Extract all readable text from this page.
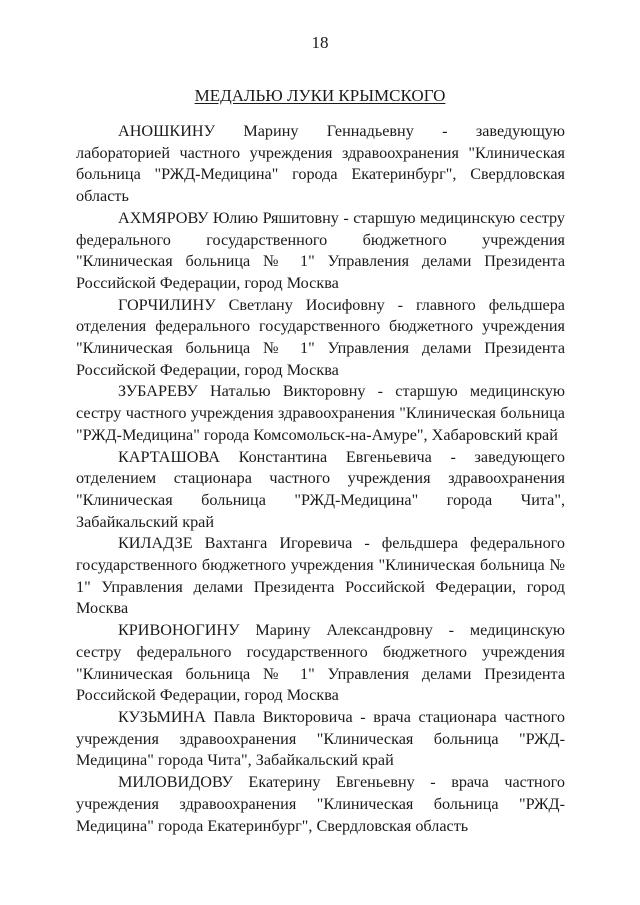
18
МЕДАЛЬЮ ЛУКИ КРЫМСКОГО

АНОШКИНУ Марину Геннадьевну - заведующую лабораторией частного учреждения здравоохранения "Клиническая больница "РЖД-Медицина" города Екатеринбург", Свердловская область

АХМЯРОВУ Юлию Ряшитовну - старшую медицинскую сестру федерального государственного бюджетного учреждения "Клиническая больница № 1" Управления делами Президента Российской Федерации, город Москва

ГОРЧИЛИНУ Светлану Иосифовну - главного фельдшера отделения федерального государственного бюджетного учреждения "Клиническая больница № 1" Управления делами Президента Российской Федерации, город Москва

ЗУБАРЕВУ Наталью Викторовну - старшую медицинскую сестру частного учреждения здравоохранения "Клиническая больница "РЖД-Медицина" города Комсомольск-на-Амуре", Хабаровский край

КАРТАШОВА Константина Евгеньевича - заведующего отделением стационара частного учреждения здравоохранения "Клиническая больница "РЖД-Медицина" города Чита", Забайкальский край

КИЛАДЗЕ Вахтанга Игоревича - фельдшера федерального государственного бюджетного учреждения "Клиническая больница № 1" Управления делами Президента Российской Федерации, город Москва

КРИВОНОГИНУ Марину Александровну - медицинскую сестру федерального государственного бюджетного учреждения "Клиническая больница № 1" Управления делами Президента Российской Федерации, город Москва

КУЗЬМИНА Павла Викторовича - врача стационара частного учреждения здравоохранения "Клиническая больница "РЖД-Медицина" города Чита", Забайкальский край

МИЛОВИДОВУ Екатерину Евгеньевну - врача частного учреждения здравоохранения "Клиническая больница "РЖД-Медицина" города Екатеринбург", Свердловская область
